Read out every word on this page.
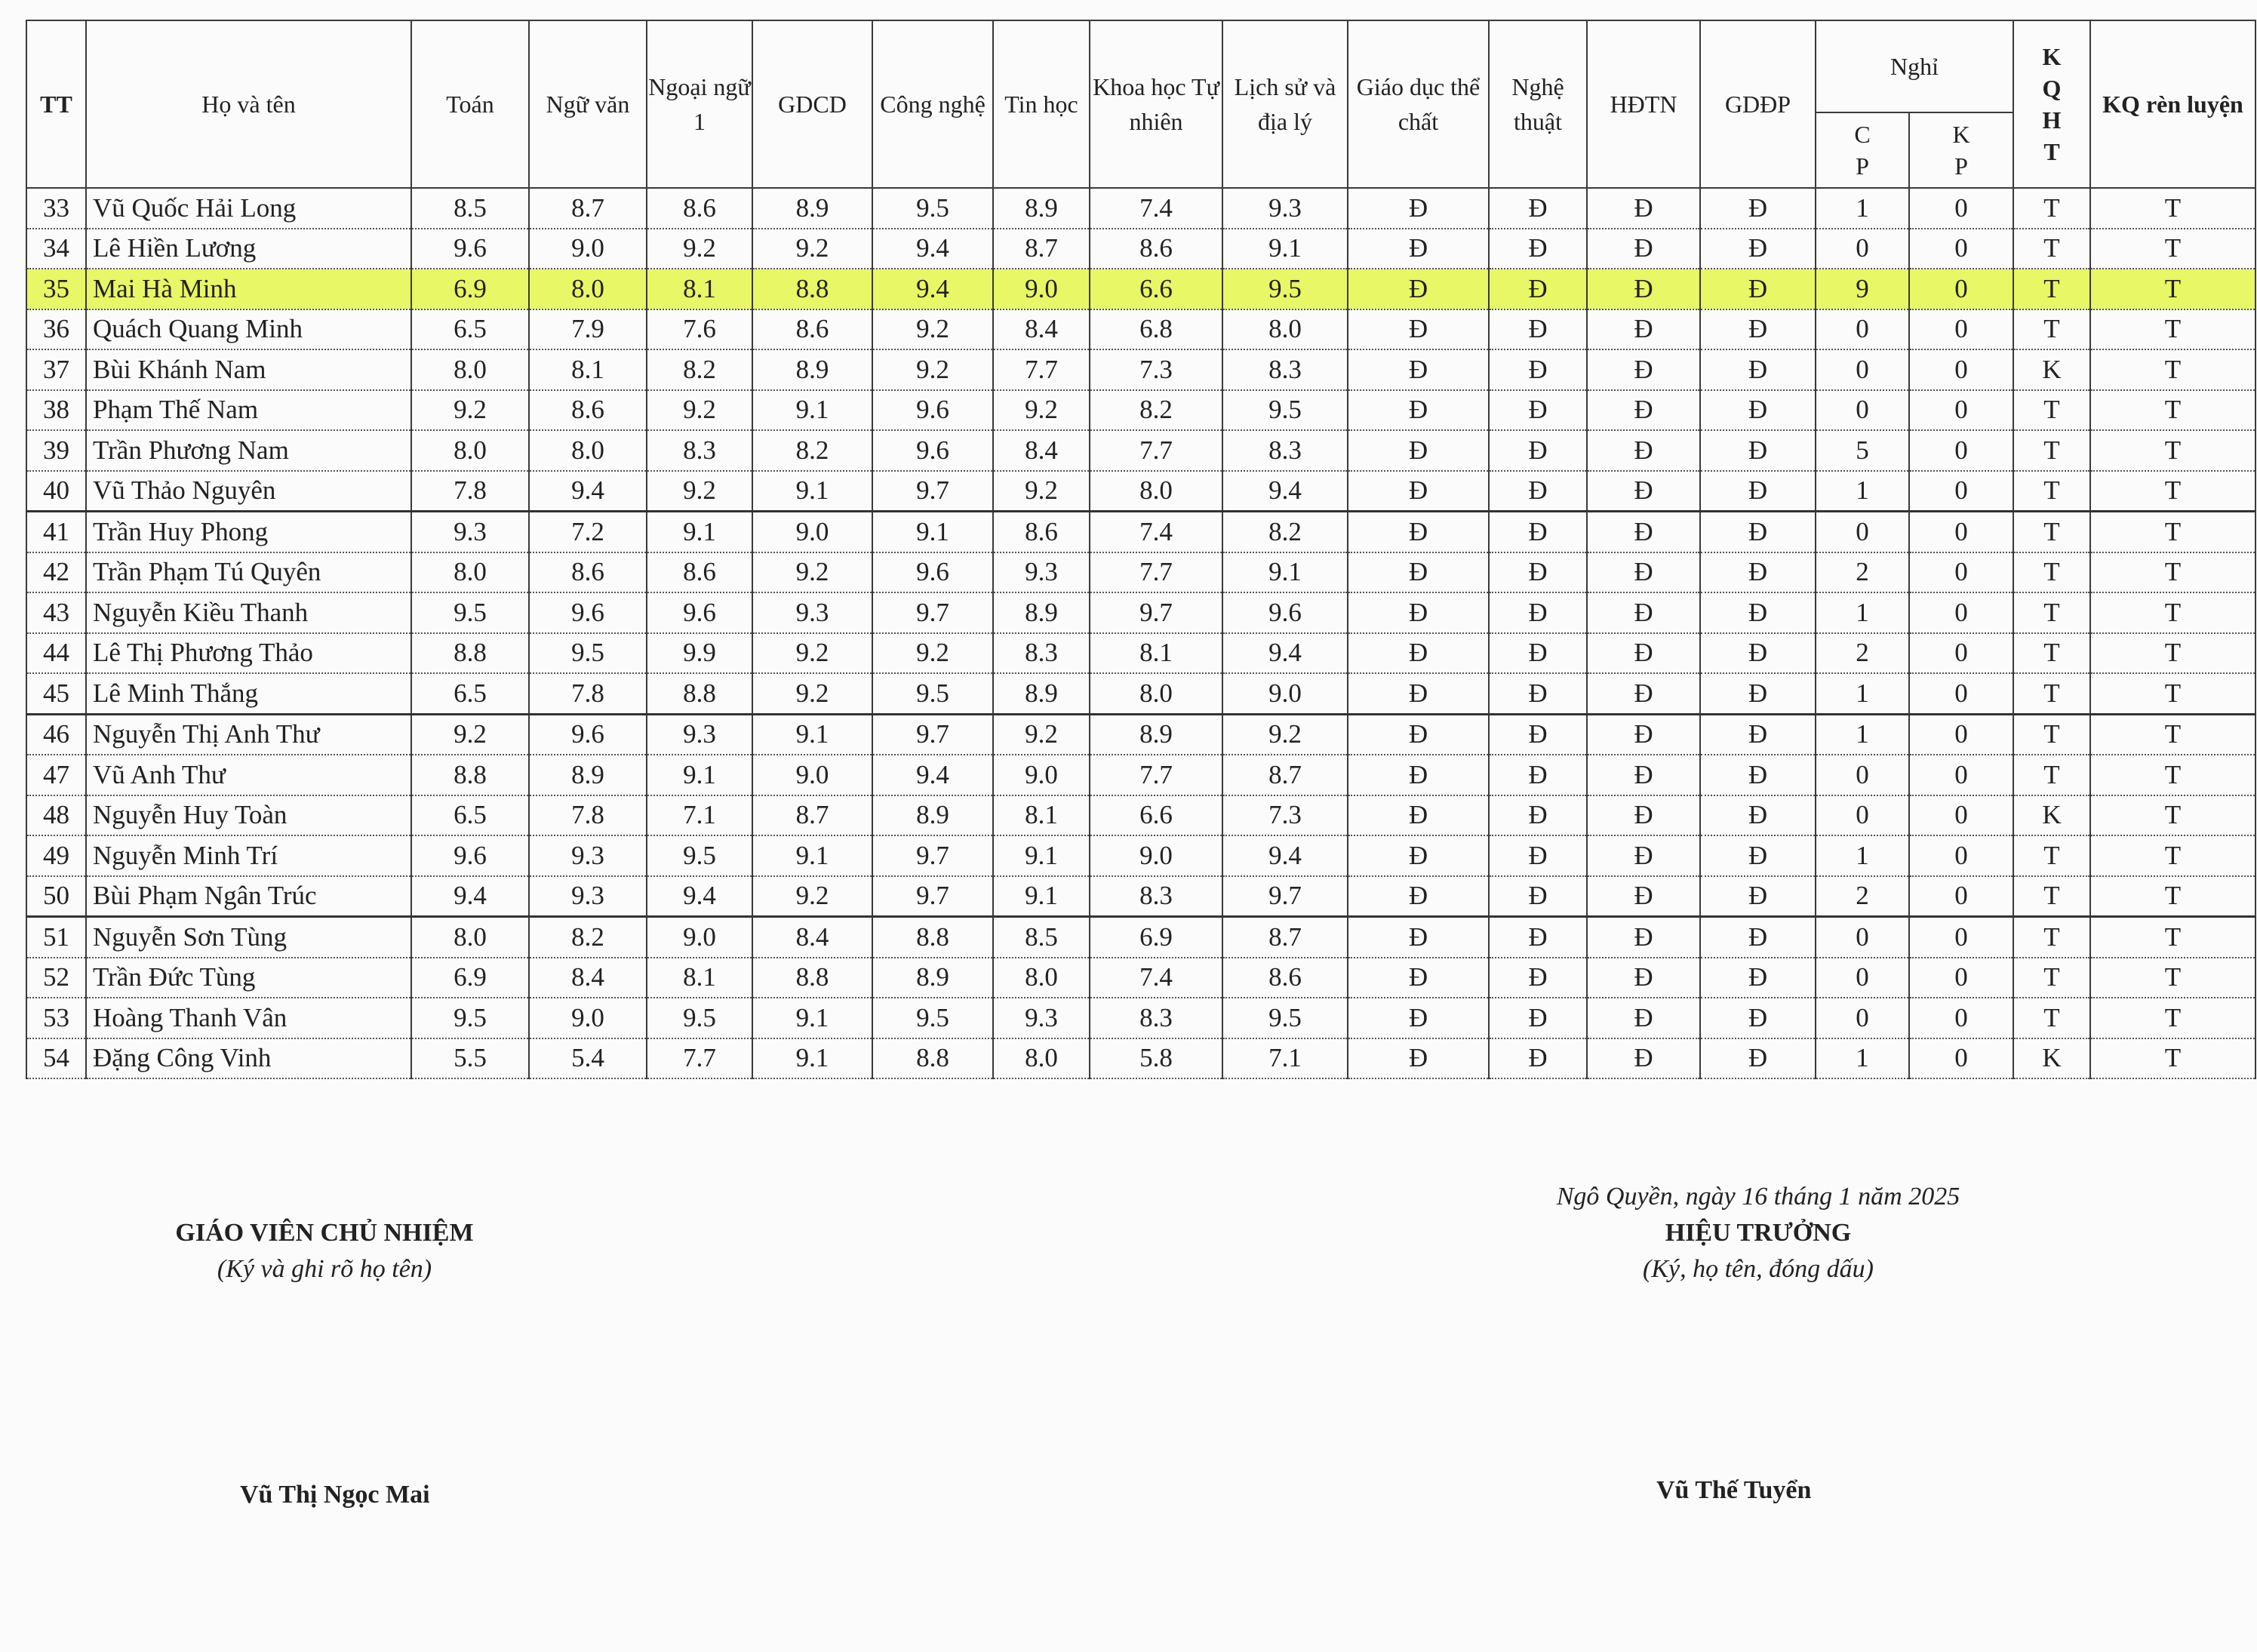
TT	Họ và tên	Toán	Ngữ văn	Ngoại ngữ 1	GDCD	Công nghệ	Tin học	Khoa học Tự nhiên	Lịch sử và địa lý	Giáo dục thể chất	Nghệ thuật	HĐTN	GDĐP	Nghỉ		K Q H T	KQ rèn luyện

														C P	K P		

33	Vũ Quốc Hải Long	8.5	8.7	8.6	8.9	9.5	8.9	7.4	9.3	Đ	Đ	Đ	Đ	1	0	T	T
34	Lê Hiền Lương	9.6	9.0	9.2	9.2	9.4	8.7	8.6	9.1	Đ	Đ	Đ	Đ	0	0	T	T
35	Mai Hà Minh	6.9	8.0	8.1	8.8	9.4	9.0	6.6	9.5	Đ	Đ	Đ	Đ	9	0	T	T
36	Quách Quang Minh	6.5	7.9	7.6	8.6	9.2	8.4	6.8	8.0	Đ	Đ	Đ	Đ	0	0	T	T
37	Bùi Khánh Nam	8.0	8.1	8.2	8.9	9.2	7.7	7.3	8.3	Đ	Đ	Đ	Đ	0	0	K	T
38	Phạm Thế Nam	9.2	8.6	9.2	9.1	9.6	9.2	8.2	9.5	Đ	Đ	Đ	Đ	0	0	T	T
39	Trần Phương Nam	8.0	8.0	8.3	8.2	9.6	8.4	7.7	8.3	Đ	Đ	Đ	Đ	5	0	T	T
40	Vũ Thảo Nguyên	7.8	9.4	9.2	9.1	9.7	9.2	8.0	9.4	Đ	Đ	Đ	Đ	1	0	T	T
41	Trần Huy Phong	9.3	7.2	9.1	9.0	9.1	8.6	7.4	8.2	Đ	Đ	Đ	Đ	0	0	T	T
42	Trần Phạm Tú Quyên	8.0	8.6	8.6	9.2	9.6	9.3	7.7	9.1	Đ	Đ	Đ	Đ	2	0	T	T
43	Nguyễn Kiều Thanh	9.5	9.6	9.6	9.3	9.7	8.9	9.7	9.6	Đ	Đ	Đ	Đ	1	0	T	T
44	Lê Thị Phương Thảo	8.8	9.5	9.9	9.2	9.2	8.3	8.1	9.4	Đ	Đ	Đ	Đ	2	0	T	T
45	Lê Minh Thắng	6.5	7.8	8.8	9.2	9.5	8.9	8.0	9.0	Đ	Đ	Đ	Đ	1	0	T	T
46	Nguyễn Thị Anh Thư	9.2	9.6	9.3	9.1	9.7	9.2	8.9	9.2	Đ	Đ	Đ	Đ	1	0	T	T
47	Vũ Anh Thư	8.8	8.9	9.1	9.0	9.4	9.0	7.7	8.7	Đ	Đ	Đ	Đ	0	0	T	T
48	Nguyễn Huy Toàn	6.5	7.8	7.1	8.7	8.9	8.1	6.6	7.3	Đ	Đ	Đ	Đ	0	0	K	T
49	Nguyễn Minh Trí	9.6	9.3	9.5	9.1	9.7	9.1	9.0	9.4	Đ	Đ	Đ	Đ	1	0	T	T
50	Bùi Phạm Ngân Trúc	9.4	9.3	9.4	9.2	9.7	9.1	8.3	9.7	Đ	Đ	Đ	Đ	2	0	T	T
51	Nguyễn Sơn Tùng	8.0	8.2	9.0	8.4	8.8	8.5	6.9	8.7	Đ	Đ	Đ	Đ	0	0	T	T
52	Trần Đức Tùng	6.9	8.4	8.1	8.8	8.9	8.0	7.4	8.6	Đ	Đ	Đ	Đ	0	0	T	T
53	Hoàng Thanh Vân	9.5	9.0	9.5	9.1	9.5	9.3	8.3	9.5	Đ	Đ	Đ	Đ	0	0	T	T
54	Đặng Công Vinh	5.5	5.4	7.7	9.1	8.8	8.0	5.8	7.1	Đ	Đ	Đ	Đ	1	0	K	T
GIÁO VIÊN CHỦ NHIỆM
(Ký và ghi rõ họ tên)
Vũ Thị Ngọc Mai
Ngô Quyền, ngày 16 tháng 1 năm 2025
HIỆU TRƯỞNG
(Ký, họ tên, đóng dấu)
Vũ Thế Tuyển
